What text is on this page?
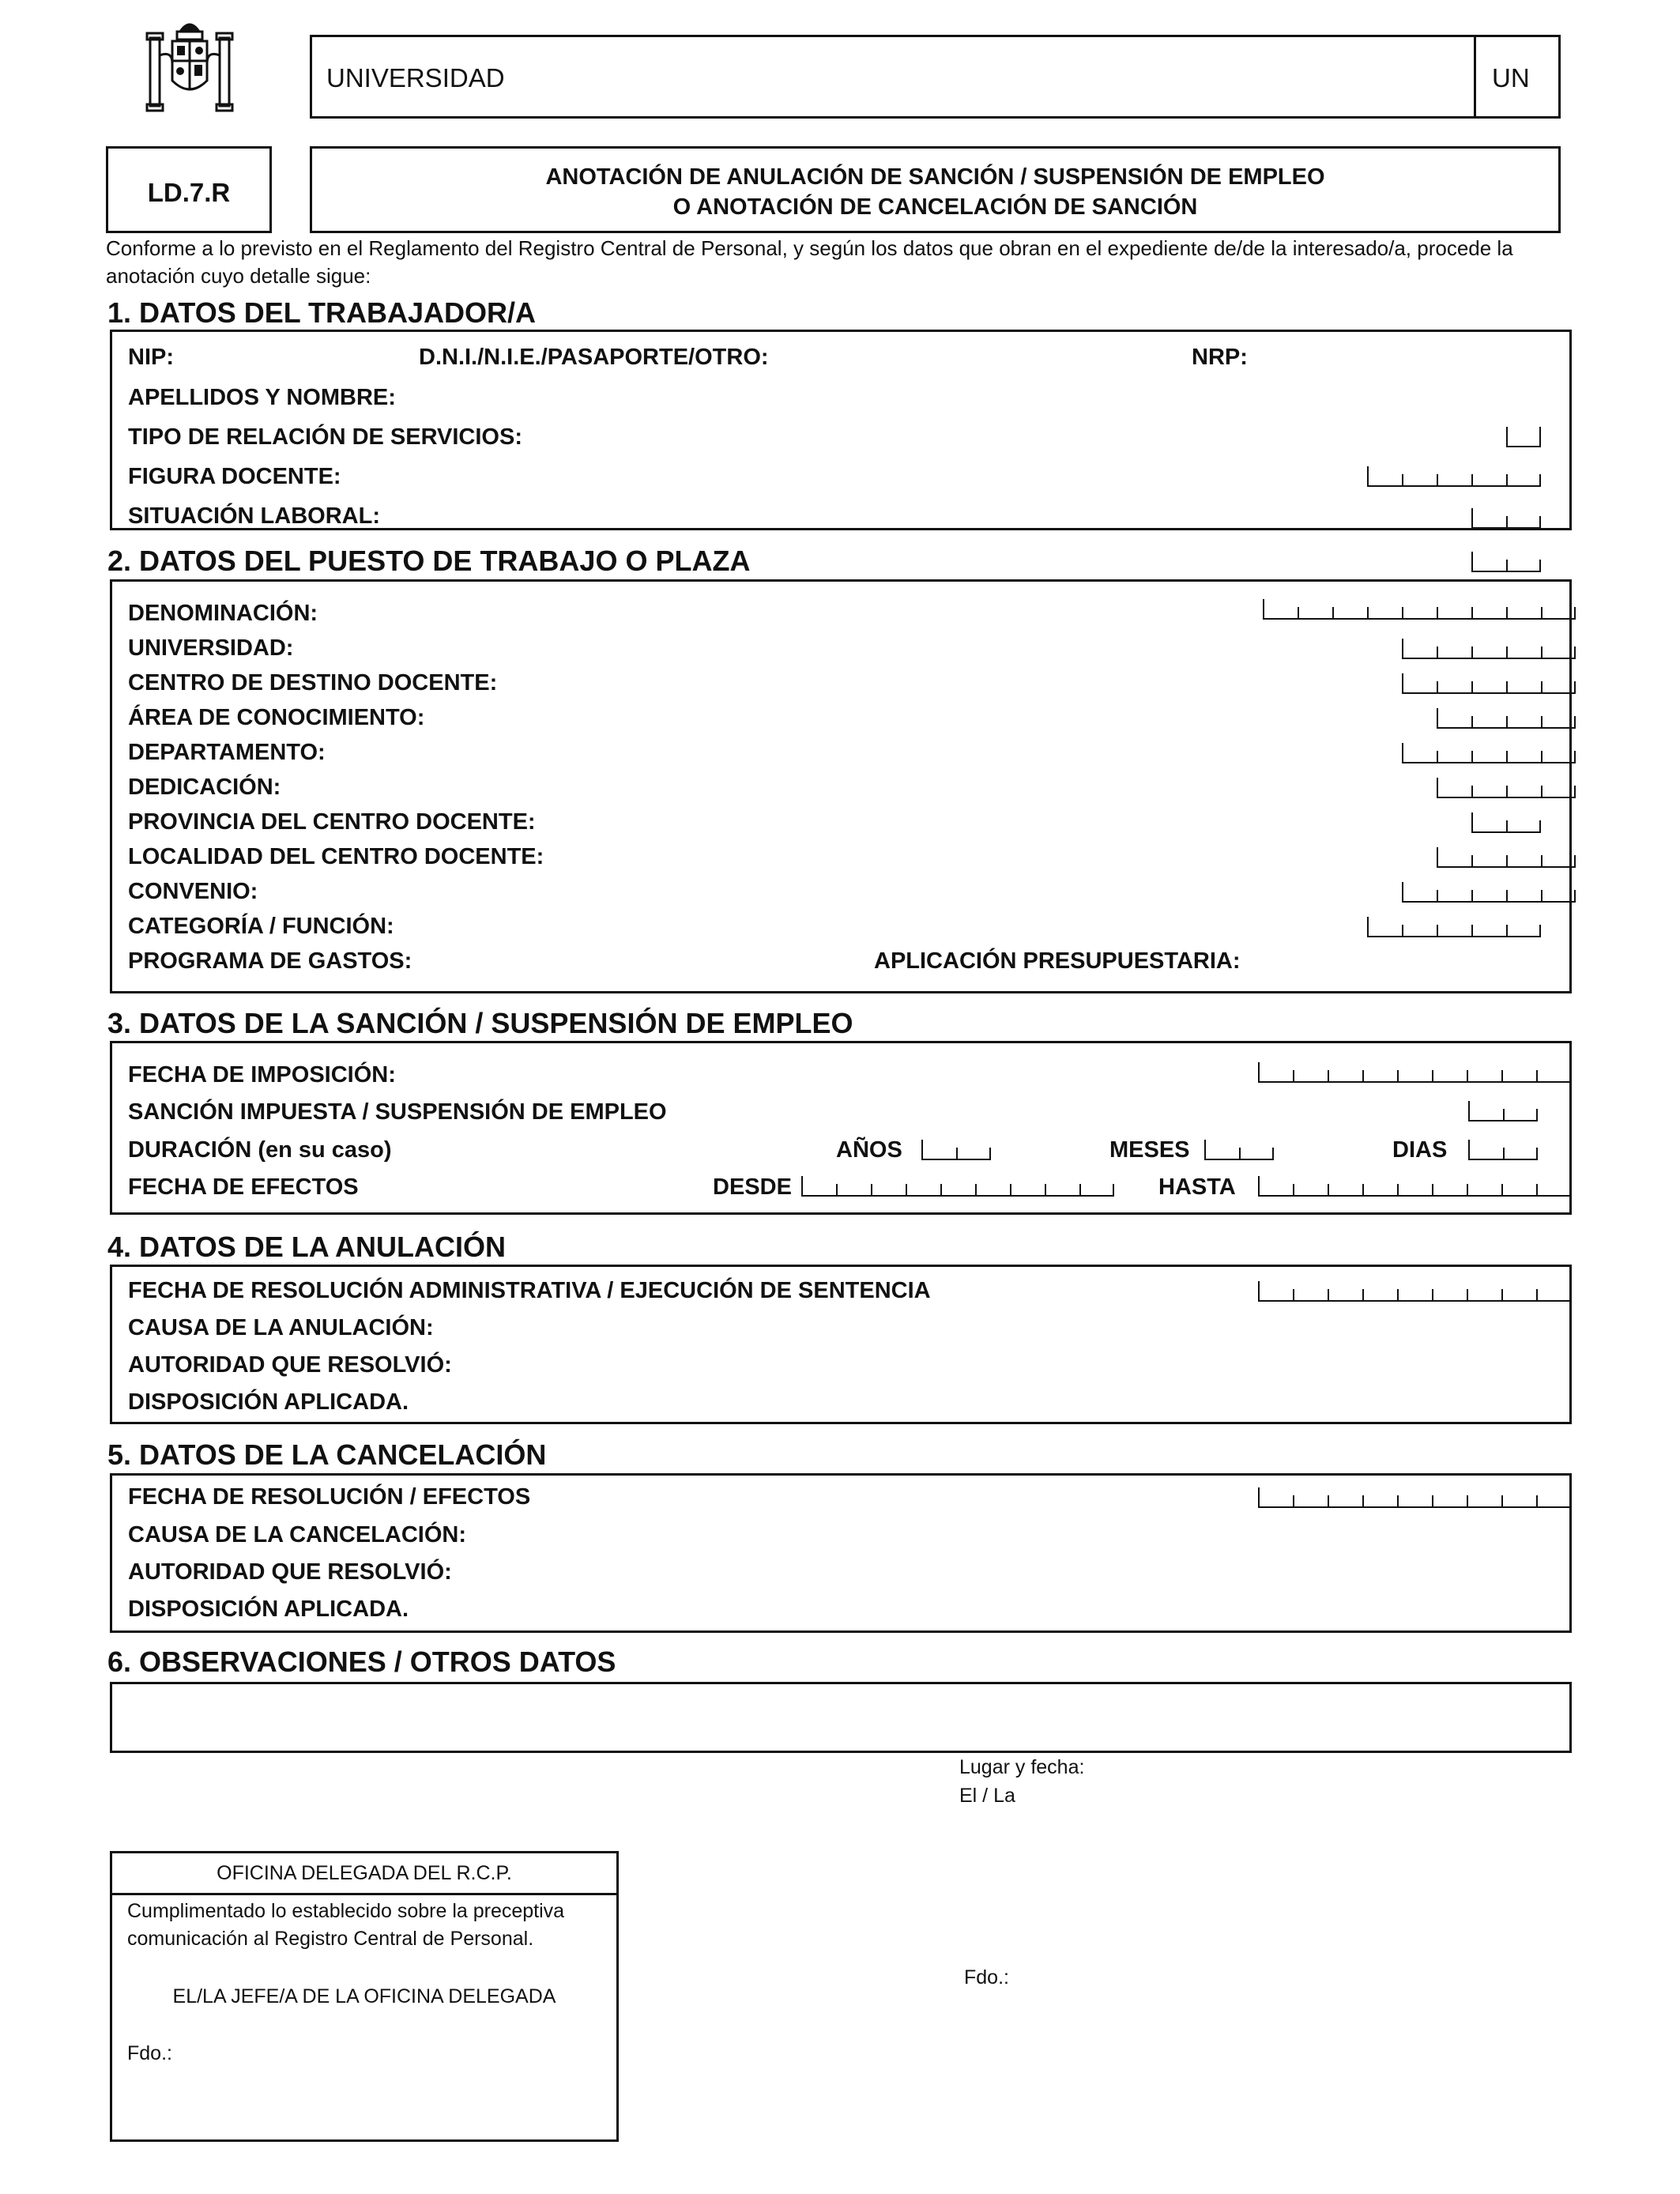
UNIVERSIDAD	UN
LD.7.R
ANOTACIÓN DE ANULACIÓN DE SANCIÓN / SUSPENSIÓN DE EMPLEO
O ANOTACIÓN DE CANCELACIÓN DE SANCIÓN
Conforme a lo previsto en el Reglamento del Registro Central de Personal, y según los datos que obran en el expediente de/de la interesado/a, procede la
anotación cuyo detalle sigue:
1. DATOS DEL TRABAJADOR/A
NIP:	D.N.I./N.I.E./PASAPORTE/OTRO:	NRP:
APELLIDOS Y NOMBRE:
TIPO DE RELACIÓN DE SERVICIOS:
FIGURA DOCENTE:
SITUACIÓN LABORAL:
2. DATOS DEL PUESTO DE TRABAJO O PLAZA
DENOMINACIÓN:
UNIVERSIDAD:
CENTRO DE DESTINO DOCENTE:
ÁREA DE CONOCIMIENTO:
DEPARTAMENTO:
DEDICACIÓN:
PROVINCIA DEL CENTRO DOCENTE:
LOCALIDAD DEL CENTRO DOCENTE:
CONVENIO:
CATEGORÍA / FUNCIÓN:
PROGRAMA DE GASTOS:	APLICACIÓN PRESUPUESTARIA:
3. DATOS DE LA SANCIÓN / SUSPENSIÓN DE EMPLEO
FECHA DE IMPOSICIÓN:
SANCIÓN IMPUESTA / SUSPENSIÓN DE EMPLEO
DURACIÓN (en su caso)	AÑOS	MESES	DIAS
FECHA DE EFECTOS	DESDE	HASTA
4. DATOS DE LA ANULACIÓN
FECHA DE RESOLUCIÓN ADMINISTRATIVA / EJECUCIÓN DE SENTENCIA
CAUSA DE LA ANULACIÓN:
AUTORIDAD QUE RESOLVIÓ:
DISPOSICIÓN APLICADA.
5. DATOS DE LA CANCELACIÓN
FECHA DE RESOLUCIÓN / EFECTOS
CAUSA DE LA CANCELACIÓN:
AUTORIDAD QUE RESOLVIÓ:
DISPOSICIÓN APLICADA.
6. OBSERVACIONES / OTROS DATOS
Lugar y fecha:
El / La
Fdo.:
OFICINA DELEGADA DEL R.C.P.
Cumplimentado lo establecido sobre la preceptiva
comunicación al Registro Central de Personal.
EL/LA JEFE/A DE LA OFICINA DELEGADA
Fdo.:
